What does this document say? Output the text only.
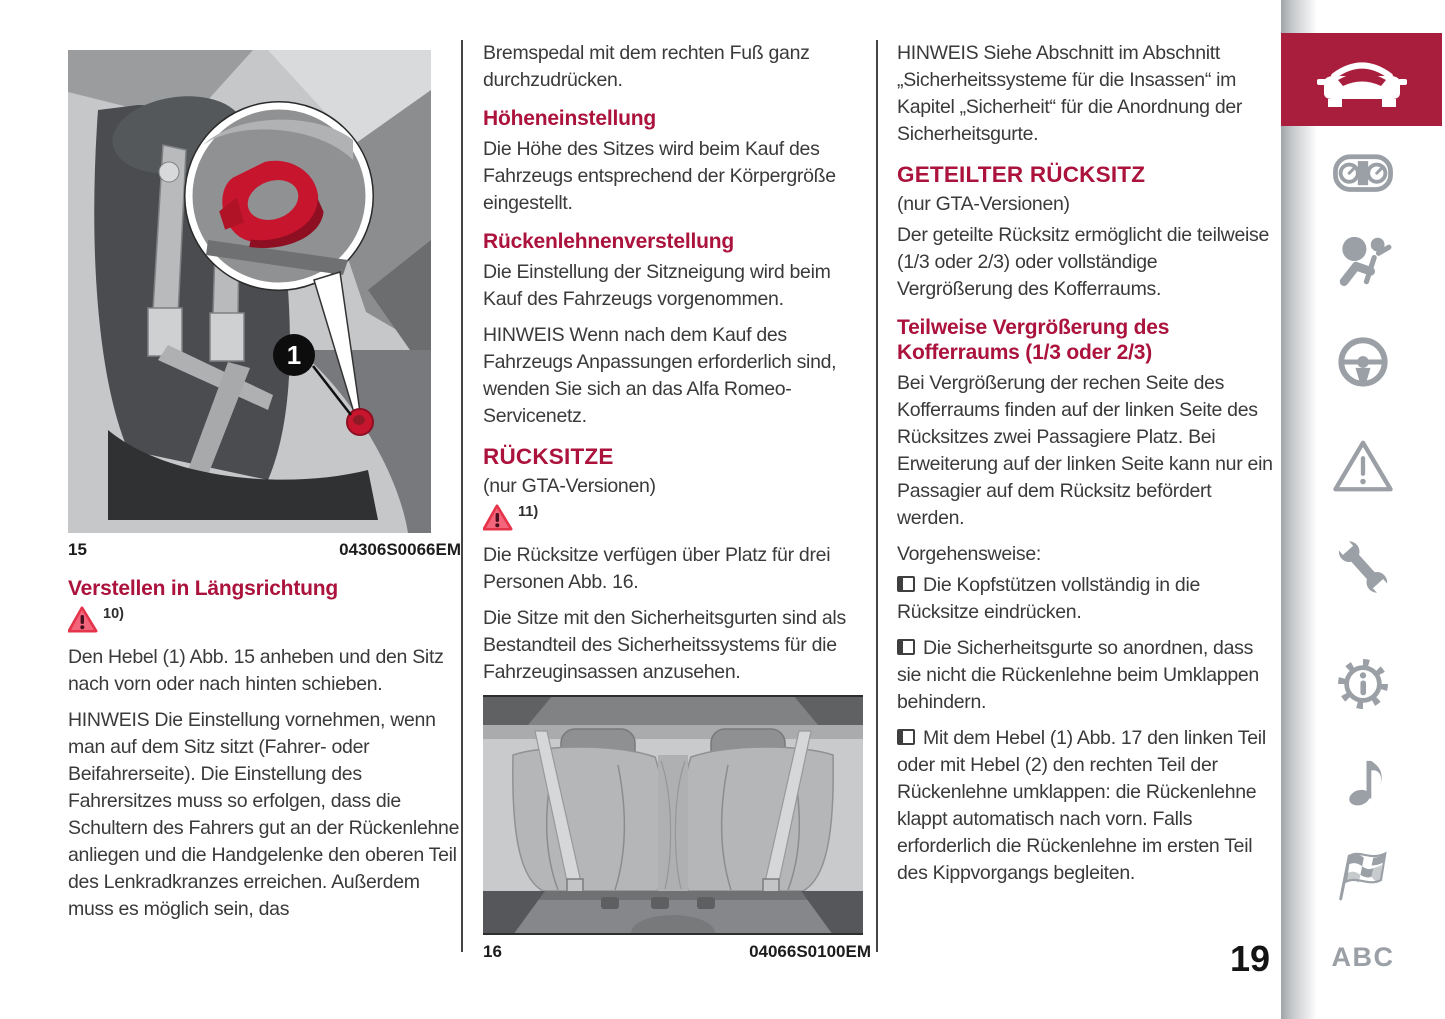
1
15	04306S0066EM
Verstellen in Längsrichtung
10)

Den Hebel (1) Abb. 15 anheben und den Sitz nach vorn oder nach hinten schieben.

HINWEIS Die Einstellung vornehmen, wenn man auf dem Sitz sitzt (Fahrer- oder Beifahrerseite). Die Einstellung des Fahrersitzes muss so erfolgen, dass die Schultern des Fahrers gut an der Rückenlehne anliegen und die Handgelenke den oberen Teil des Lenkradkranzes erreichen. Außerdem muss es möglich sein, das

Bremspedal mit dem rechten Fuß ganz durchzudrücken.

Höheneinstellung

Die Höhe des Sitzes wird beim Kauf des Fahrzeugs entsprechend der Körpergröße eingestellt.

Rückenlehnenverstellung

Die Einstellung der Sitzneigung wird beim Kauf des Fahrzeugs vorgenommen.

HINWEIS Wenn nach dem Kauf des Fahrzeugs Anpassungen erforderlich sind, wenden Sie sich an das Alfa Romeo-Servicenetz.

RÜCKSITZE

(nur GTA-Versionen)

11)

Die Rücksitze verfügen über Platz für drei Personen Abb. 16.

Die Sitze mit den Sicherheitsgurten sind als Bestandteil des Sicherheitssystems für die Fahrzeuginsassen anzusehen.

16	04066S0100EM

HINWEIS Siehe Abschnitt im Abschnitt „Sicherheitssysteme für die Insassen“ im Kapitel „Sicherheit“ für die Anordnung der Sicherheitsgurte.

GETEILTER RÜCKSITZ

(nur GTA-Versionen)

Der geteilte Rücksitz ermöglicht die teilweise (1/3 oder 2/3) oder vollständige Vergrößerung des Kofferraums.

Teilweise Vergrößerung des Kofferraums (1/3 oder 2/3)

Bei Vergrößerung der rechen Seite des Kofferraums finden auf der linken Seite des Rücksitzes zwei Passagiere Platz. Bei Erweiterung auf der linken Seite kann nur ein Passagier auf dem Rücksitz befördert werden.

Vorgehensweise:

Die Kopfstützen vollständig in die Rücksitze eindrücken.

Die Sicherheitsgurte so anordnen, dass sie nicht die Rückenlehne beim Umklappen behindern.

Mit dem Hebel (1) Abb. 17 den linken Teil oder mit Hebel (2) den rechten Teil der Rückenlehne umklappen: die Rückenlehne klappt automatisch nach vorn. Falls erforderlich die Rückenlehne im ersten Teil des Kippvorgangs begleiten.

ABC
19
